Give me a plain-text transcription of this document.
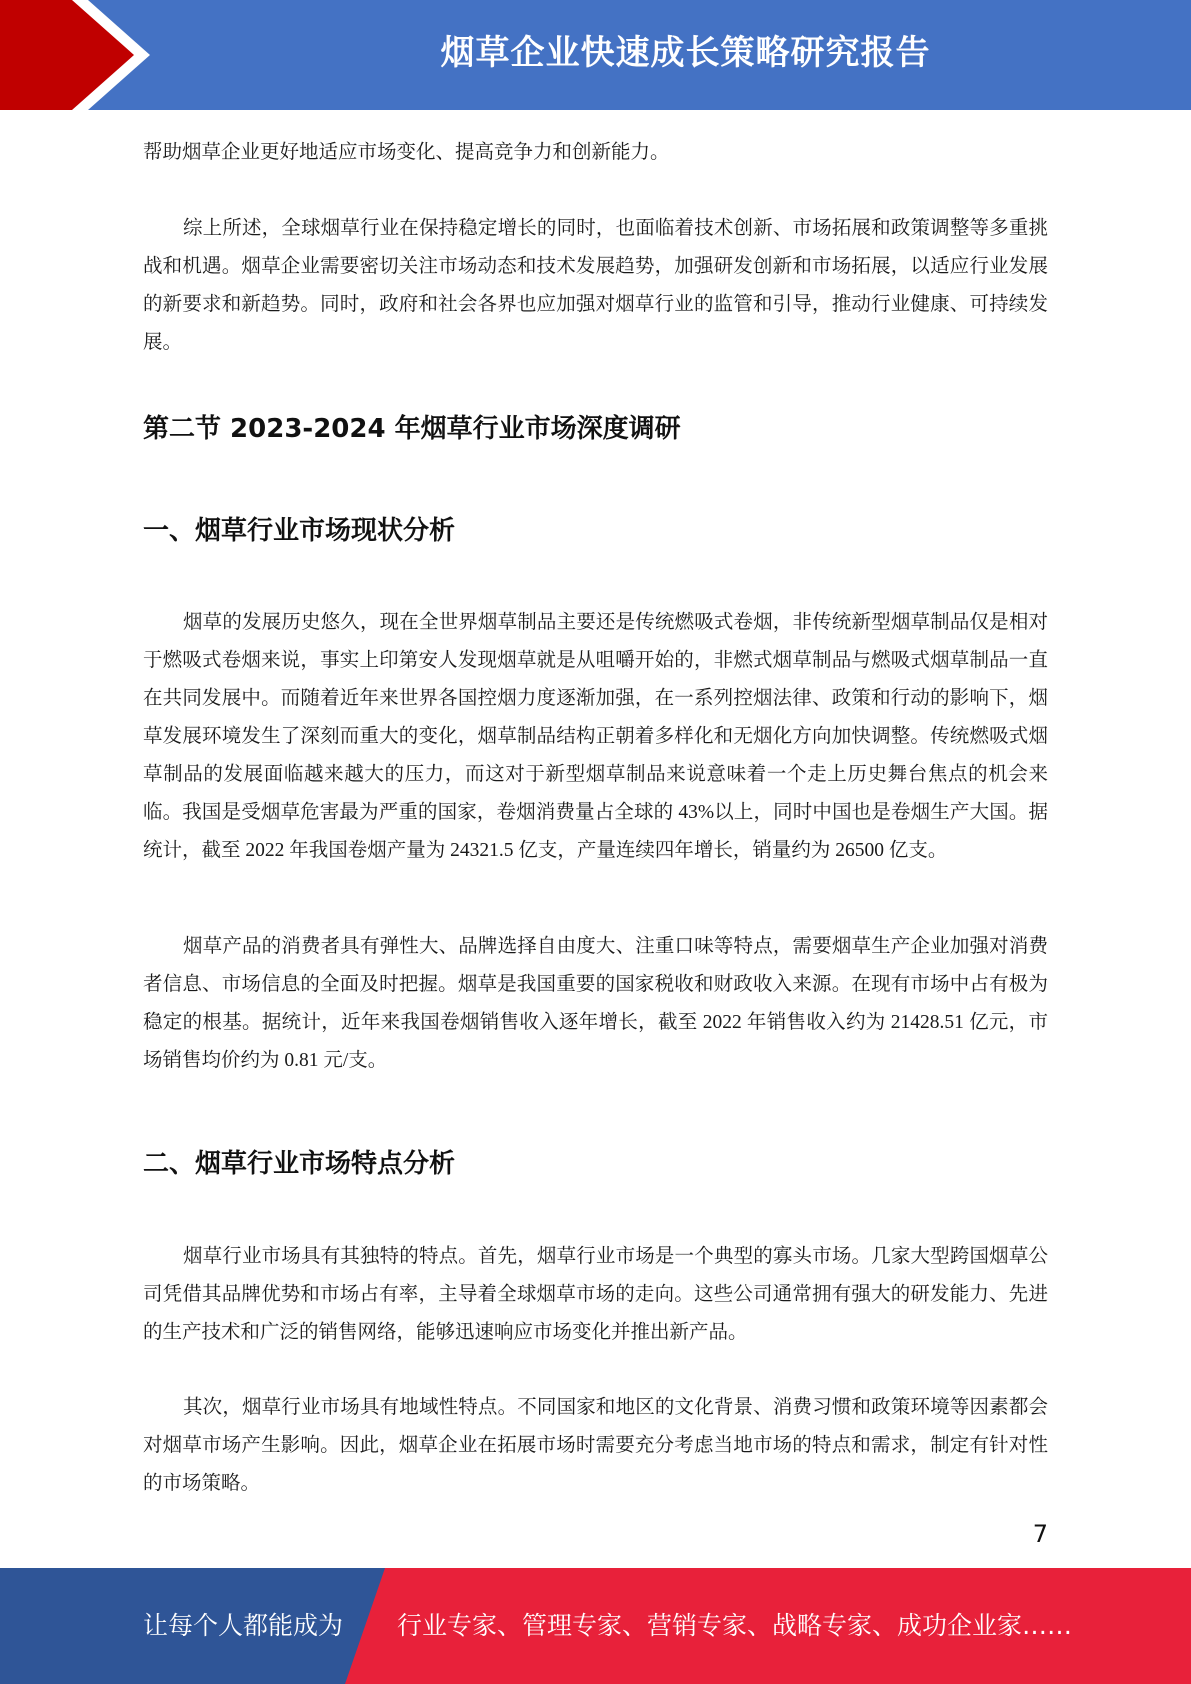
烟草企业快速成长策略研究报告

帮助烟草企业更好地适应市场变化、提高竞争力和创新能力。

综上所述，全球烟草行业在保持稳定增长的同时，也面临着技术创新、市场拓展和政策调整等多重挑战和机遇。烟草企业需要密切关注市场动态和技术发展趋势，加强研发创新和市场拓展，以适应行业发展的新要求和新趋势。同时，政府和社会各界也应加强对烟草行业的监管和引导，推动行业健康、可持续发展。

第二节 2023-2024 年烟草行业市场深度调研
一、烟草行业市场现状分析

烟草的发展历史悠久，现在全世界烟草制品主要还是传统燃吸式卷烟，非传统新型烟草制品仅是相对于燃吸式卷烟来说，事实上印第安人发现烟草就是从咀嚼开始的，非燃式烟草制品与燃吸式烟草制品一直在共同发展中。而随着近年来世界各国控烟力度逐渐加强，在一系列控烟法律、政策和行动的影响下，烟草发展环境发生了深刻而重大的变化，烟草制品结构正朝着多样化和无烟化方向加快调整。传统燃吸式烟草制品的发展面临越来越大的压力，而这对于新型烟草制品来说意味着一个走上历史舞台焦点的机会来临。我国是受烟草危害最为严重的国家，卷烟消费量占全球的 43%以上，同时中国也是卷烟生产大国。据统计，截至 2022 年我国卷烟产量为 24321.5 亿支，产量连续四年增长，销量约为 26500 亿支。

烟草产品的消费者具有弹性大、品牌选择自由度大、注重口味等特点，需要烟草生产企业加强对消费者信息、市场信息的全面及时把握。烟草是我国重要的国家税收和财政收入来源。在现有市场中占有极为稳定的根基。据统计，近年来我国卷烟销售收入逐年增长，截至 2022 年销售收入约为 21428.51 亿元，市场销售均价约为 0.81 元/支。

二、烟草行业市场特点分析

烟草行业市场具有其独特的特点。首先，烟草行业市场是一个典型的寡头市场。几家大型跨国烟草公司凭借其品牌优势和市场占有率，主导着全球烟草市场的走向。这些公司通常拥有强大的研发能力、先进的生产技术和广泛的销售网络，能够迅速响应市场变化并推出新产品。

其次，烟草行业市场具有地域性特点。不同国家和地区的文化背景、消费习惯和政策环境等因素都会对烟草市场产生影响。因此，烟草企业在拓展市场时需要充分考虑当地市场的特点和需求，制定有针对性的市场策略。

7
让每个人都能成为 行业专家、管理专家、营销专家、战略专家、成功企业家……
